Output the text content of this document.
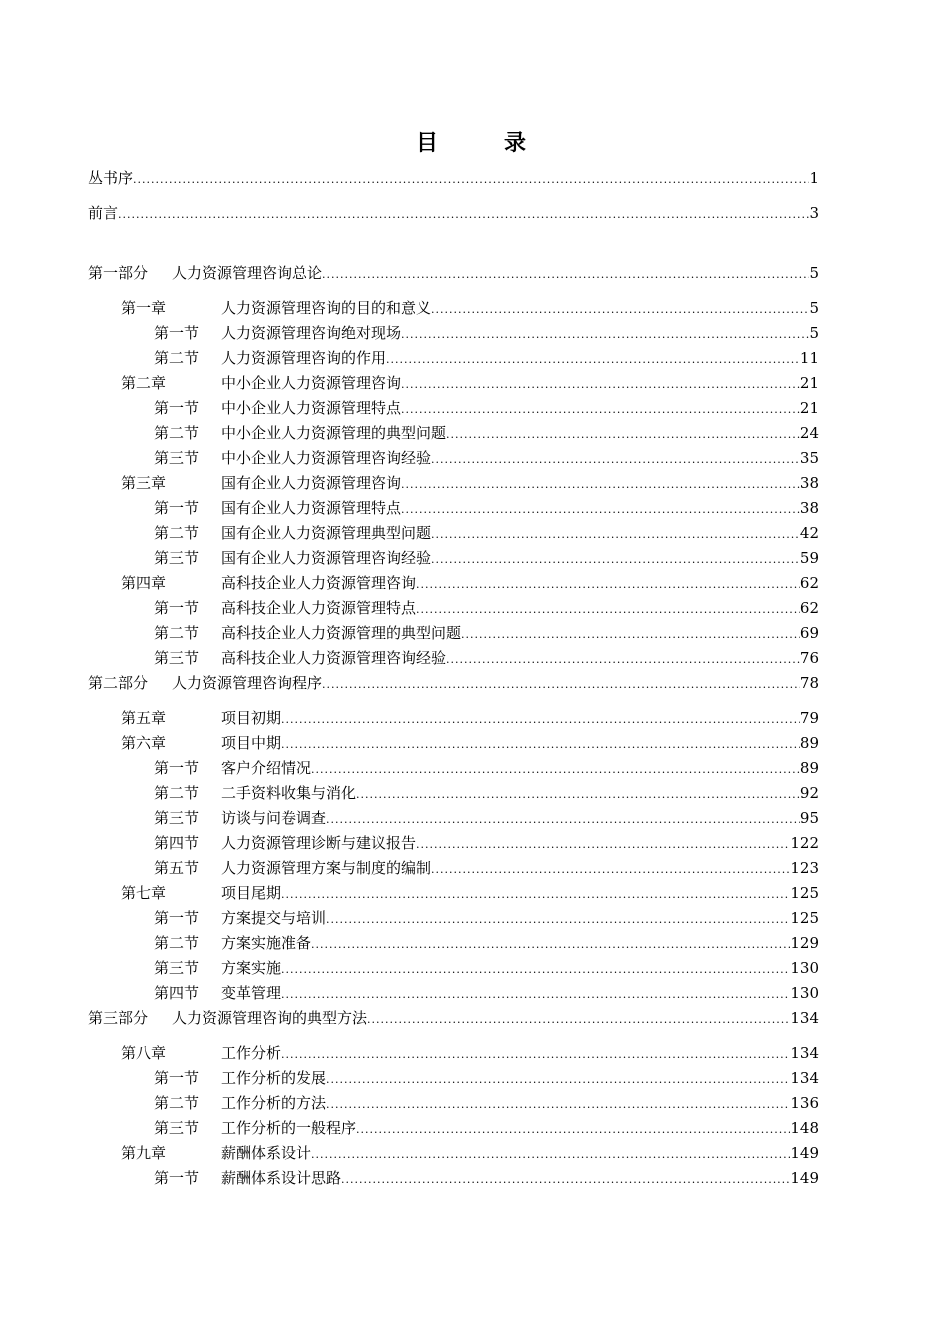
目　录
丛书序 .....	1
前言 .....	3
第一部分	人力资源管理咨询总论 .....	5
第一章	人力资源管理咨询的目的和意义 .....	5
第一节	人力资源管理咨询绝对现场 .....	5
第二节	人力资源管理咨询的作用 .....	11
第二章	中小企业人力资源管理咨询 .....	21
第一节	中小企业人力资源管理特点 .....	21
第二节	中小企业人力资源管理的典型问题 .....	24
第三节	中小企业人力资源管理咨询经验 .....	35
第三章	国有企业人力资源管理咨询 .....	38
第一节	国有企业人力资源管理特点 .....	38
第二节	国有企业人力资源管理典型问题 .....	42
第三节	国有企业人力资源管理咨询经验 .....	59
第四章	高科技企业人力资源管理咨询 .....	62
第一节	高科技企业人力资源管理特点 .....	62
第二节	高科技企业人力资源管理的典型问题 .....	69
第三节	高科技企业人力资源管理咨询经验 .....	76
第二部分	人力资源管理咨询程序 .....	78
第五章	项目初期 .....	79
第六章	项目中期 .....	89
第一节	客户介绍情况 .....	89
第二节	二手资料收集与消化 .....	92
第三节	访谈与问卷调查 .....	95
第四节	人力资源管理诊断与建议报告 .....	122
第五节	人力资源管理方案与制度的编制 .....	123
第七章	项目尾期 .....	125
第一节	方案提交与培训 .....	125
第二节	方案实施准备 .....	129
第三节	方案实施 .....	130
第四节	变革管理 .....	130
第三部分	人力资源管理咨询的典型方法 .....	134
第八章	工作分析 .....	134
第一节	工作分析的发展 .....	134
第二节	工作分析的方法 .....	136
第三节	工作分析的一般程序 .....	148
第九章	薪酬体系设计 .....	149
第一节	薪酬体系设计思路 .....	149
